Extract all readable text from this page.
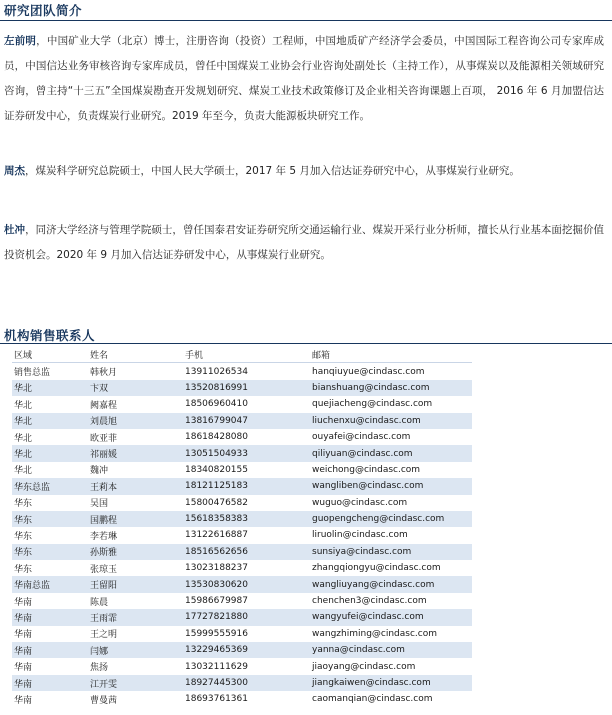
研究团队简介
左前明，中国矿业大学（北京）博士，注册咨询（投资）工程师，中国地质矿产经济学会委员，中国国际工程咨询公司专家库成员，中国信达业务审核咨询专家库成员，曾任中国煤炭工业协会行业咨询处副处长（主持工作），从事煤炭以及能源相关领域研究咨询，曾主持“十三五”全国煤炭勘查开发规划研究、煤炭工业技术政策修订及企业相关咨询课题上百项， 2016 年 6 月加盟信达证券研发中心，负责煤炭行业研究。2019 年至今，负责大能源板块研究工作。
周杰，煤炭科学研究总院硕士，中国人民大学硕士，2017 年 5 月加入信达证券研究中心，从事煤炭行业研究。
杜冲，同济大学经济与管理学院硕士，曾任国泰君安证券研究所交通运输行业、煤炭开采行业分析师，擅长从行业基本面挖掘价值投资机会。2020 年 9 月加入信达证券研发中心，从事煤炭行业研究。
机构销售联系人
区域	姓名	手机	邮箱
销售总监	韩秋月	13911026534	hanqiuyue@cindasc.com
华北	卞双	13520816991	bianshuang@cindasc.com
华北	阙嘉程	18506960410	quejiacheng@cindasc.com
华北	刘晨旭	13816799047	liuchenxu@cindasc.com
华北	欧亚菲	18618428080	ouyafei@cindasc.com
华北	祁丽媛	13051504933	qiliyuan@cindasc.com
华北	魏冲	18340820155	weichong@cindasc.com
华东总监	王莉本	18121125183	wangliben@cindasc.com
华东	吴国	15800476582	wuguo@cindasc.com
华东	国鹏程	15618358383	guopengcheng@cindasc.com
华东	李若琳	13122616887	liruolin@cindasc.com
华东	孙斯雅	18516562656	sunsiya@cindasc.com
华东	张琼玉	13023188237	zhangqiongyu@cindasc.com
华南总监	王留阳	13530830620	wangliuyang@cindasc.com
华南	陈晨	15986679987	chenchen3@cindasc.com
华南	王雨霏	17727821880	wangyufei@cindasc.com
华南	王之明	15999555916	wangzhiming@cindasc.com
华南	闫娜	13229465369	yanna@cindasc.com
华南	焦扬	13032111629	jiaoyang@cindasc.com
华南	江开雯	18927445300	jiangkaiwen@cindasc.com
华南	曹曼茜	18693761361	caomanqian@cindasc.com
